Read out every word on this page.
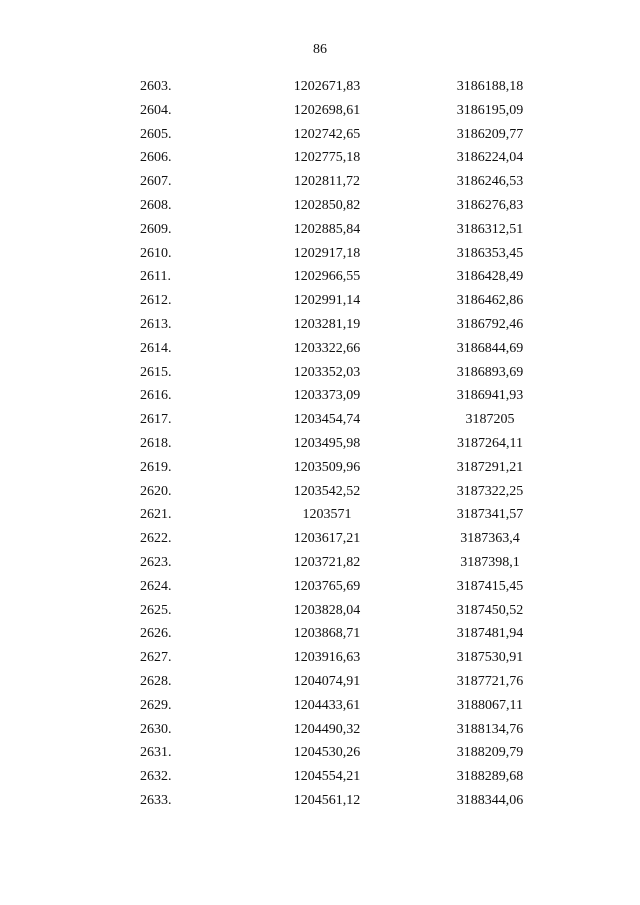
86
2603.	1202671,83	3186188,18
2604.	1202698,61	3186195,09
2605.	1202742,65	3186209,77
2606.	1202775,18	3186224,04
2607.	1202811,72	3186246,53
2608.	1202850,82	3186276,83
2609.	1202885,84	3186312,51
2610.	1202917,18	3186353,45
2611.	1202966,55	3186428,49
2612.	1202991,14	3186462,86
2613.	1203281,19	3186792,46
2614.	1203322,66	3186844,69
2615.	1203352,03	3186893,69
2616.	1203373,09	3186941,93
2617.	1203454,74	3187205
2618.	1203495,98	3187264,11
2619.	1203509,96	3187291,21
2620.	1203542,52	3187322,25
2621.	1203571	3187341,57
2622.	1203617,21	3187363,4
2623.	1203721,82	3187398,1
2624.	1203765,69	3187415,45
2625.	1203828,04	3187450,52
2626.	1203868,71	3187481,94
2627.	1203916,63	3187530,91
2628.	1204074,91	3187721,76
2629.	1204433,61	3188067,11
2630.	1204490,32	3188134,76
2631.	1204530,26	3188209,79
2632.	1204554,21	3188289,68
2633.	1204561,12	3188344,06
